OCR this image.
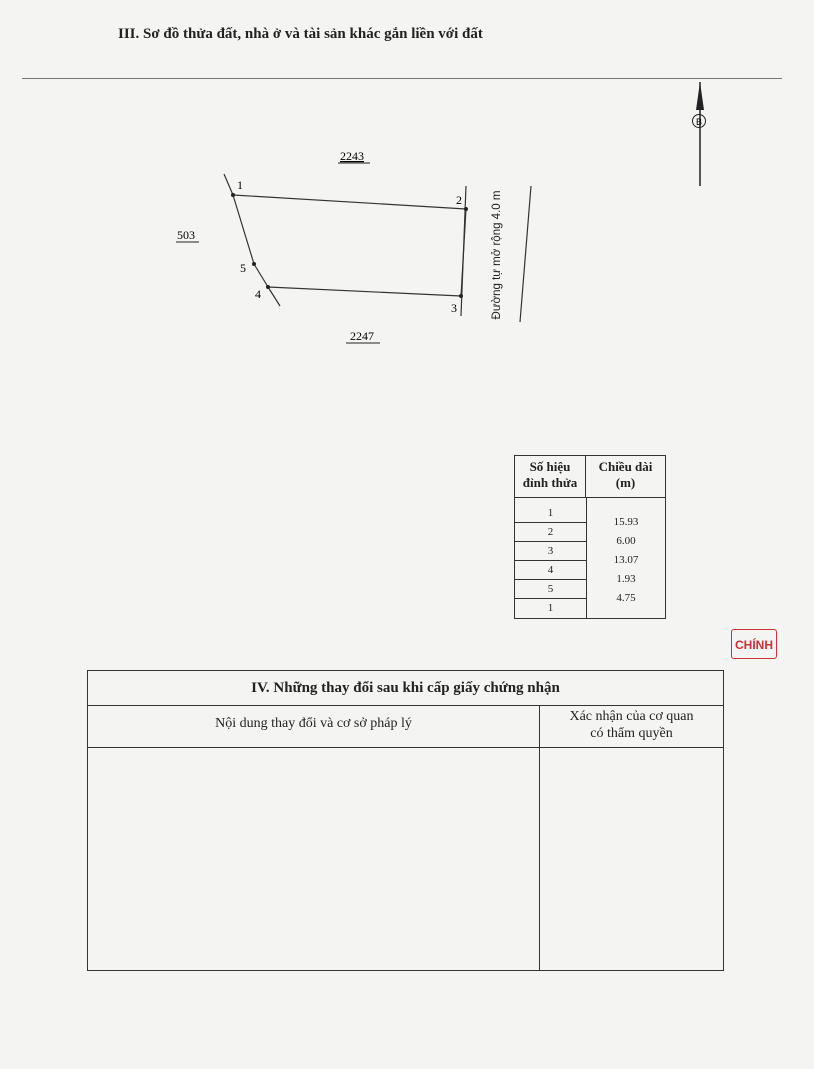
III. Sơ đồ thửa đất, nhà ở và tài sản khác gắn liền với đất
B
1
2
3
4
5
2243
503
2247
Đường tự mở rộng 4.0 m
Số hiệu
đỉnh thửa
Chiều dài
(m)
1
2
3
4
5
1
15.93
6.00
13.07
1.93
4.75
CHÍNH
IV. Những thay đổi sau khi cấp giấy chứng nhận
Nội dung thay đổi và cơ sở pháp lý	Xác nhận của cơ quan
có thẩm quyền
